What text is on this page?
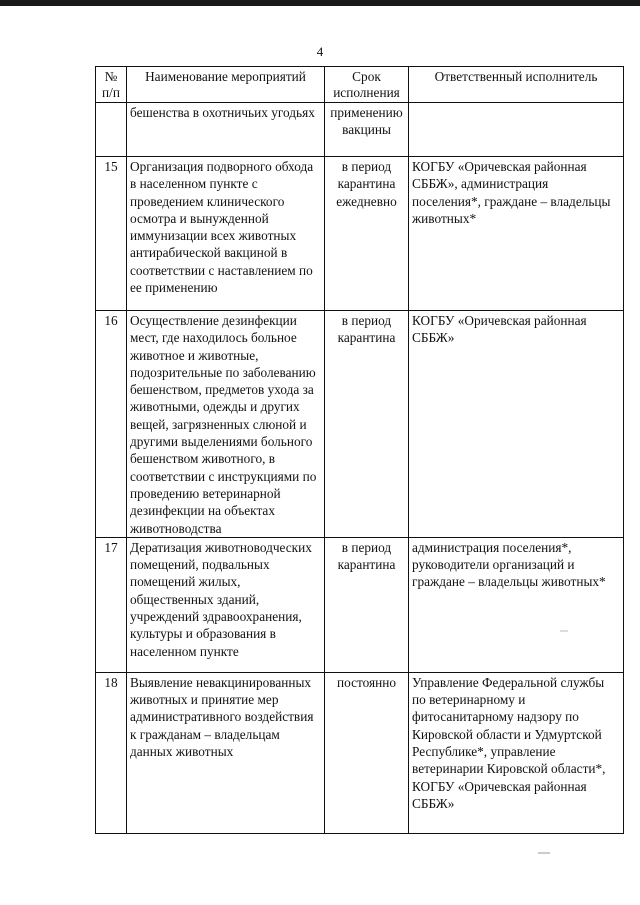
4
№ п/п	Наименование мероприятий	Срок исполнения	Ответственный исполнитель
	бешенства в охотничьих угодьях	применению вакцины	
15	Организация подворного обхода в населенном пункте с проведением клинического осмотра и вынужденной иммунизации всех животных антирабической вакциной в соответствии с наставлением по ее применению	в период карантина ежедневно	КОГБУ «Оричевская районная СББЖ», администрация поселения*, граждане – владельцы животных*
16	Осуществление дезинфекции мест, где находилось больное животное и животные, подозрительные по заболеванию бешенством, предметов ухода за животными, одежды и других вещей, загрязненных слюной и другими выделениями больного бешенством животного, в соответствии с инструкциями по проведению ветеринарной дезинфекции на объектах животноводства	в период карантина	КОГБУ «Оричевская районная СББЖ»
17	Дератизация животноводческих помещений, подвальных помещений жилых, общественных зданий, учреждений здравоохранения, культуры и образования в населенном пункте	в период карантина	администрация поселения*, руководители организаций и граждане – владельцы животных*
18	Выявление невакцинированных животных и принятие мер административного воздействия к гражданам – владельцам данных животных	постоянно	Управление Федеральной службы по ветеринарному и фитосанитарному надзору по Кировской области и Удмуртской Республике*, управление ветеринарии Кировской области*, КОГБУ «Оричевская районная СББЖ»
